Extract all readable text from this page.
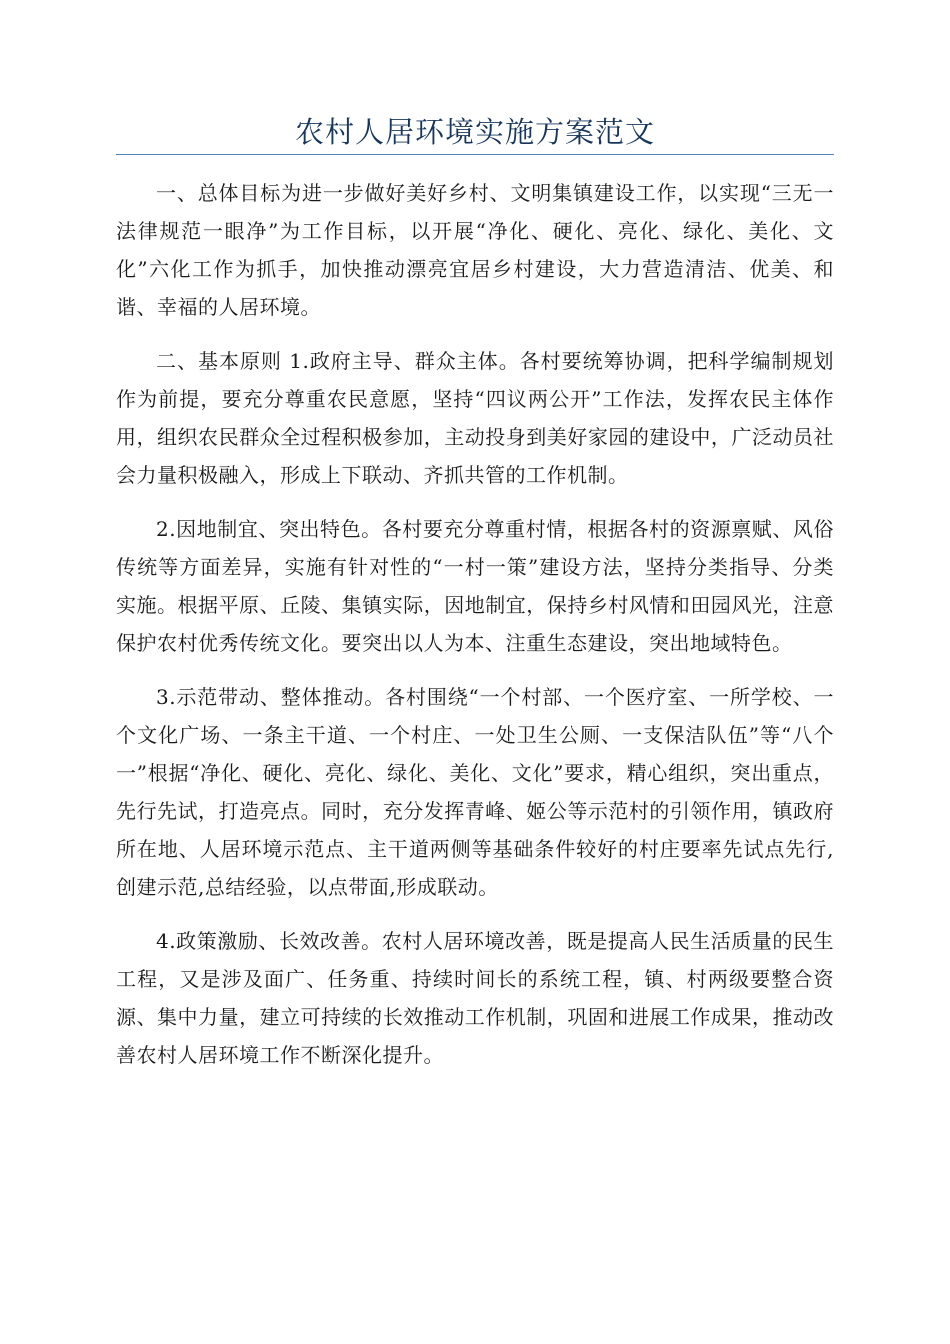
农村人居环境实施方案范文

一、总体目标为进一步做好美好乡村、文明集镇建设工作，以实现“三无一法律规范一眼净”为工作目标，以开展“净化、硬化、亮化、绿化、美化、文化”六化工作为抓手，加快推动漂亮宜居乡村建设，大力营造清洁、优美、和谐、幸福的人居环境。

二、基本原则 1.政府主导、群众主体。各村要统筹协调，把科学编制规划作为前提，要充分尊重农民意愿，坚持“四议两公开”工作法，发挥农民主体作用，组织农民群众全过程积极参加，主动投身到美好家园的建设中，广泛动员社会力量积极融入，形成上下联动、齐抓共管的工作机制。

2.因地制宜、突出特色。各村要充分尊重村情，根据各村的资源禀赋、风俗传统等方面差异，实施有针对性的“一村一策”建设方法，坚持分类指导、分类实施。根据平原、丘陵、集镇实际，因地制宜，保持乡村风情和田园风光，注意保护农村优秀传统文化。要突出以人为本、注重生态建设，突出地域特色。

3.示范带动、整体推动。各村围绕“一个村部、一个医疗室、一所学校、一个文化广场、一条主干道、一个村庄、一处卫生公厕、一支保洁队伍”等“八个一”根据“净化、硬化、亮化、绿化、美化、文化”要求，精心组织，突出重点，先行先试，打造亮点。同时，充分发挥青峰、姬公等示范村的引领作用，镇政府所在地、人居环境示范点、主干道两侧等基础条件较好的村庄要率先试点先行,创建示范,总结经验，以点带面,形成联动。

4.政策激励、长效改善。农村人居环境改善，既是提高人民生活质量的民生工程，又是涉及面广、任务重、持续时间长的系统工程，镇、村两级要整合资源、集中力量，建立可持续的长效推动工作机制，巩固和进展工作成果，推动改善农村人居环境工作不断深化提升。
